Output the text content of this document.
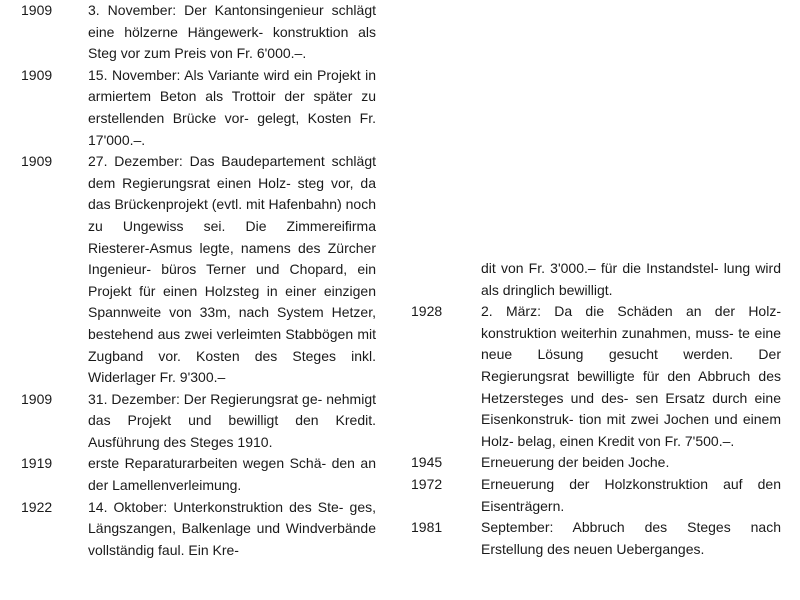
1909	3. November: Der Kantonsingenieur schlägt eine hölzerne Hängewerk- konstruktion als Steg vor zum Preis von Fr. 6'000.–.
1909	15. November: Als Variante wird ein Projekt in armiertem Beton als Trottoir der später zu erstellenden Brücke vor- gelegt, Kosten Fr. 17'000.–.
1909	27. Dezember: Das Baudepartement schlägt dem Regierungsrat einen Holz- steg vor, da das Brückenprojekt (evtl. mit Hafenbahn) noch zu Ungewiss sei. Die Zimmereifirma Riesterer-Asmus legte, namens des Zürcher Ingenieur- büros Terner und Chopard, ein Projekt für einen Holzsteg in einer einzigen Spannweite von 33m, nach System Hetzer, bestehend aus zwei verleimten Stabbögen mit Zugband vor. Kosten des Steges inkl. Widerlager Fr. 9'300.–
1909	31. Dezember: Der Regierungsrat ge- nehmigt das Projekt und bewilligt den Kredit. Ausführung des Steges 1910.
1919	erste Reparaturarbeiten wegen Schä- den an der Lamellenverleimung.
1922	14. Oktober: Unterkonstruktion des Ste- ges, Längszangen, Balkenlage und Windverbände vollständig faul. Ein Kre-
dit von Fr. 3'000.– für die Instandstel- lung wird als dringlich bewilligt.
1928	2. März: Da die Schäden an der Holz- konstruktion weiterhin zunahmen, muss- te eine neue Lösung gesucht werden. Der Regierungsrat bewilligte für den Abbruch des Hetzersteges und des- sen Ersatz durch eine Eisenkonstruk- tion mit zwei Jochen und einem Holz- belag, einen Kredit von Fr. 7'500.–.
1945	Erneuerung der beiden Joche.
1972	Erneuerung der Holzkonstruktion auf den Eisenträgern.
1981	September: Abbruch des Steges nach Erstellung des neuen Ueberganges.
